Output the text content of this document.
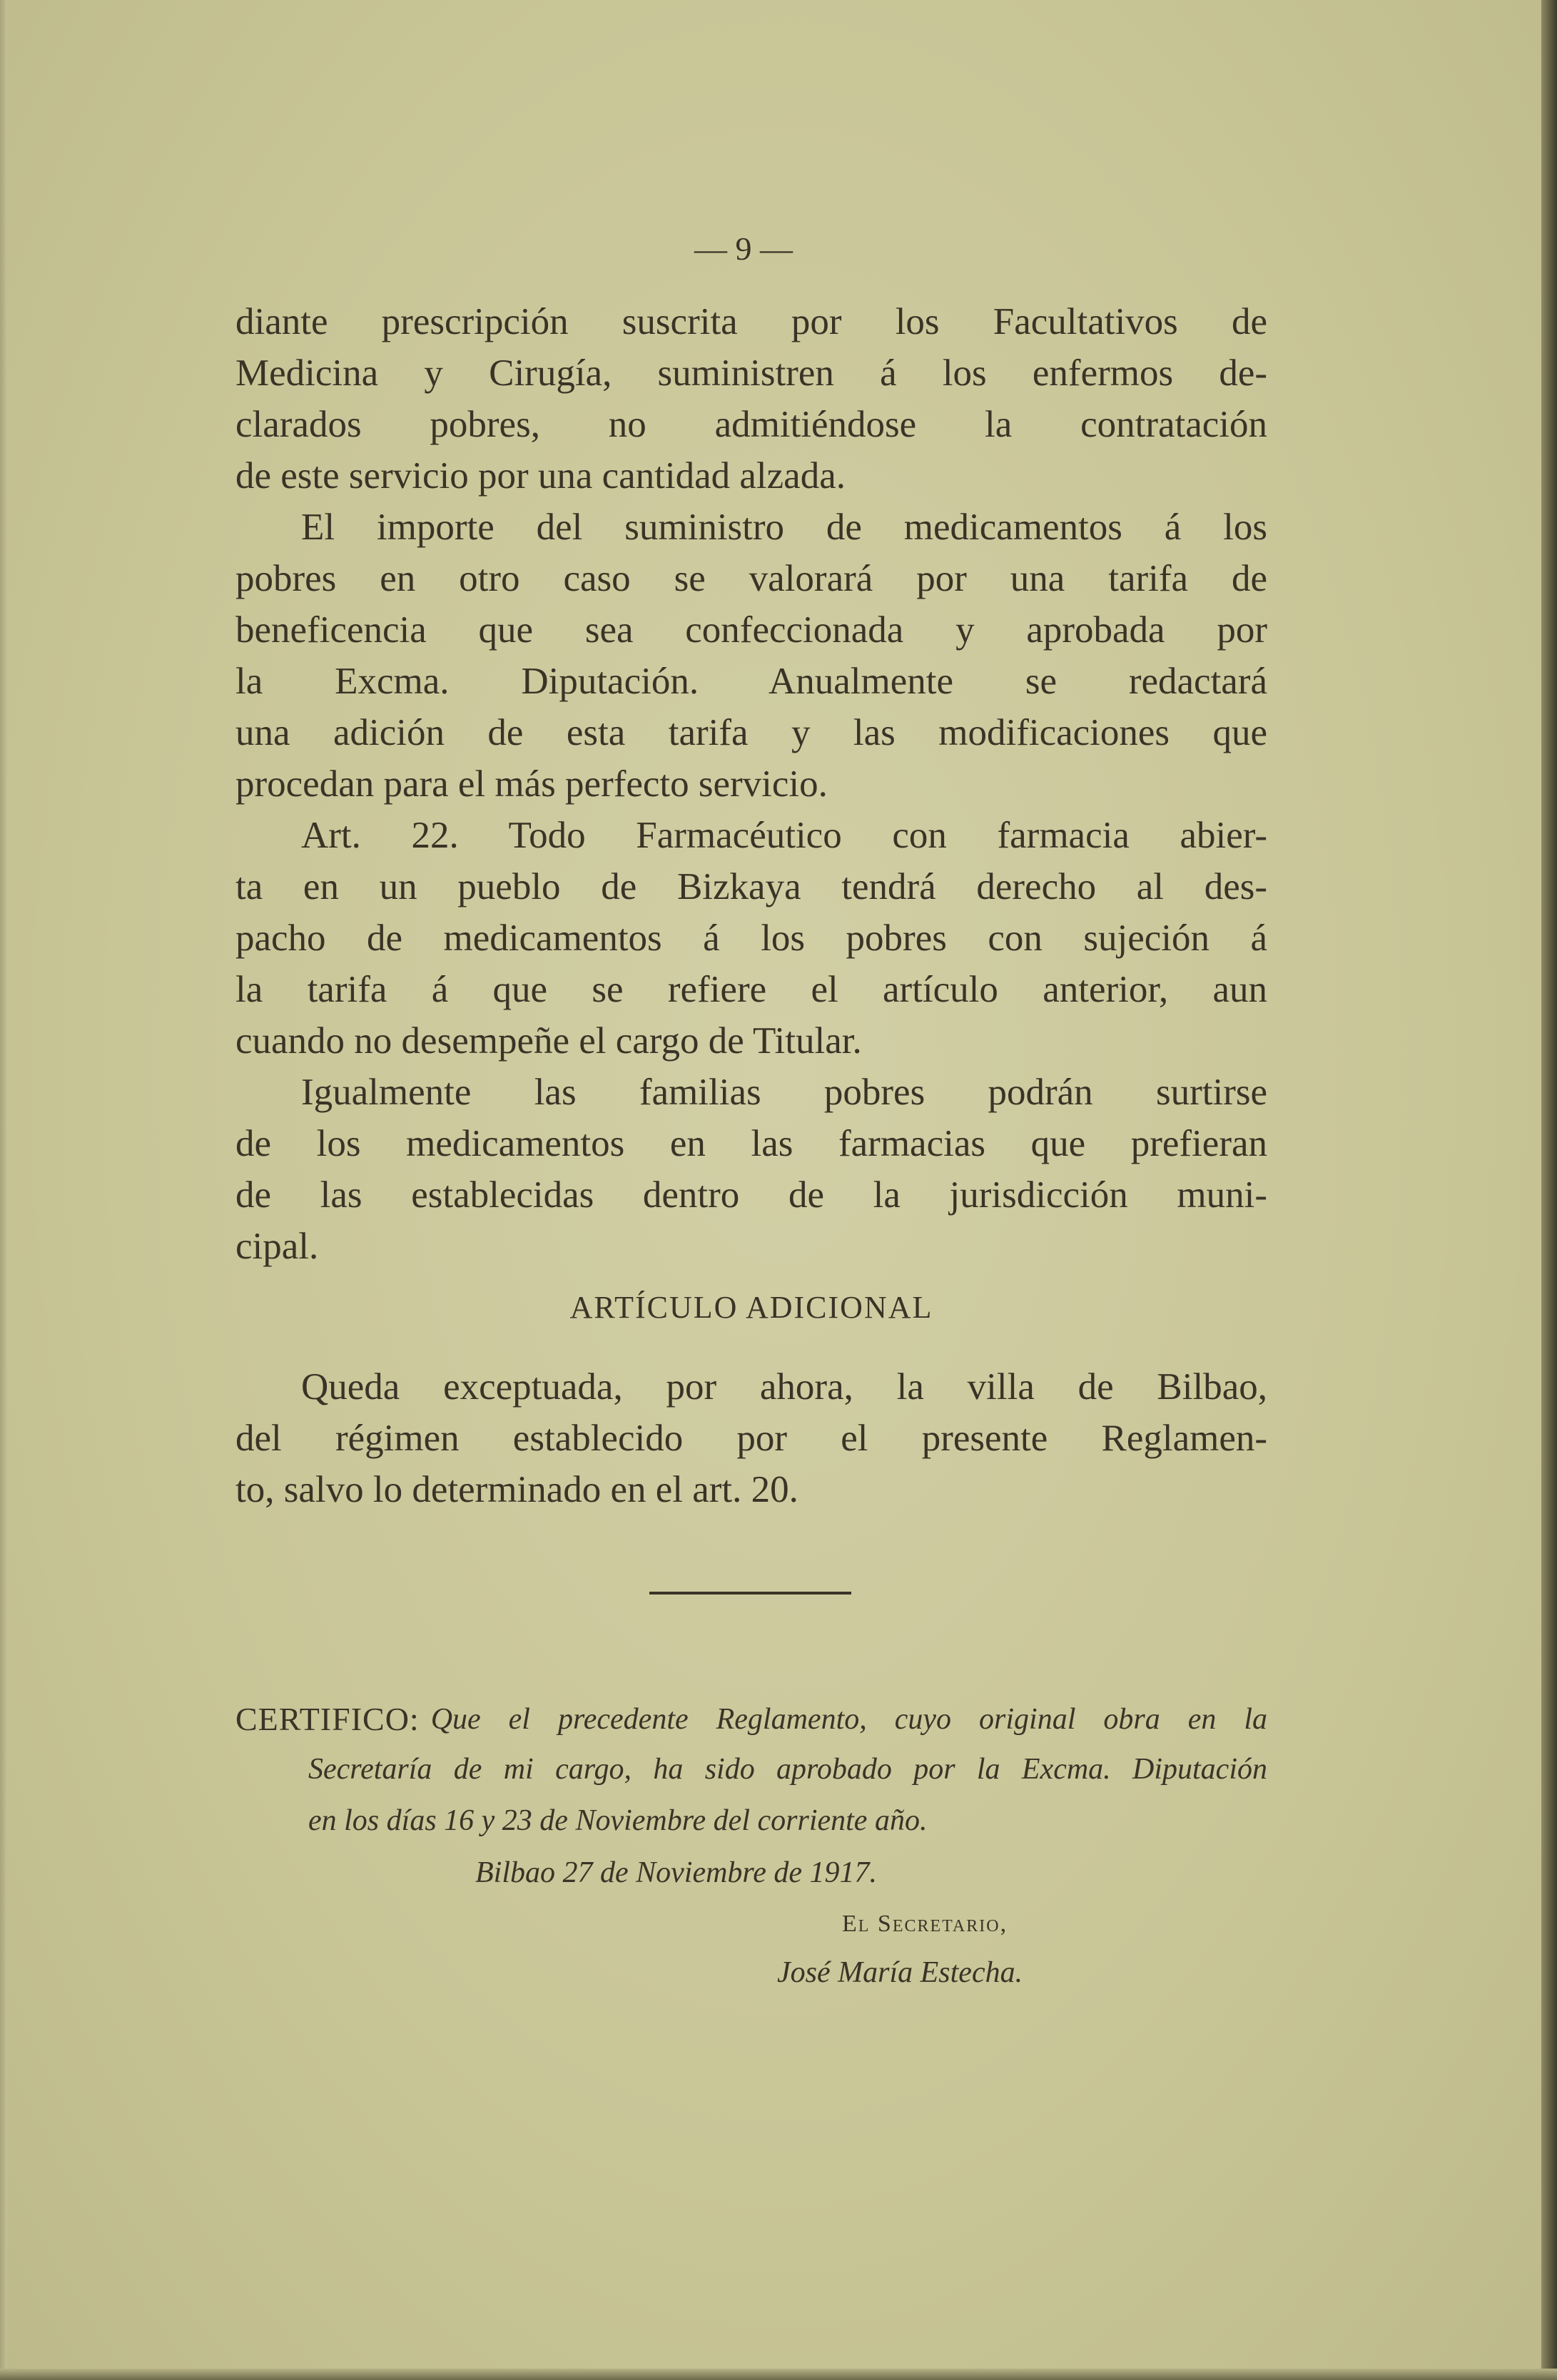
— 9 —
diante prescripción suscrita por los Facultativos de
Medicina y Cirugía, suministren á los enfermos de-
clarados pobres, no admitiéndose la contratación
de este servicio por una cantidad alzada.
El importe del suministro de medicamentos á los
pobres en otro caso se valorará por una tarifa de
beneficencia que sea confeccionada y aprobada por
la Excma. Diputación. Anualmente se redactará
una adición de esta tarifa y las modificaciones que
procedan para el más perfecto servicio.
Art. 22. Todo Farmacéutico con farmacia abier-
ta en un pueblo de Bizkaya tendrá derecho al des-
pacho de medicamentos á los pobres con sujeción á
la tarifa á que se refiere el artículo anterior, aun
cuando no desempeñe el cargo de Titular.
Igualmente las familias pobres podrán surtirse
de los medicamentos en las farmacias que prefieran
de las establecidas dentro de la jurisdicción muni-
cipal.
Queda exceptuada, por ahora, la villa de Bilbao,
del régimen establecido por el presente Reglamen-
to, salvo lo determinado en el art. 20.
ARTÍCULO ADICIONAL
CERTIFICO: Que el precedente Reglamento, cuyo original obra en la
Secretaría de mi cargo, ha sido aprobado por la Excma. Diputación
en los días 16 y 23 de Noviembre del corriente año.
Bilbao 27 de Noviembre de 1917.
El Secretario,
José María Estecha.
